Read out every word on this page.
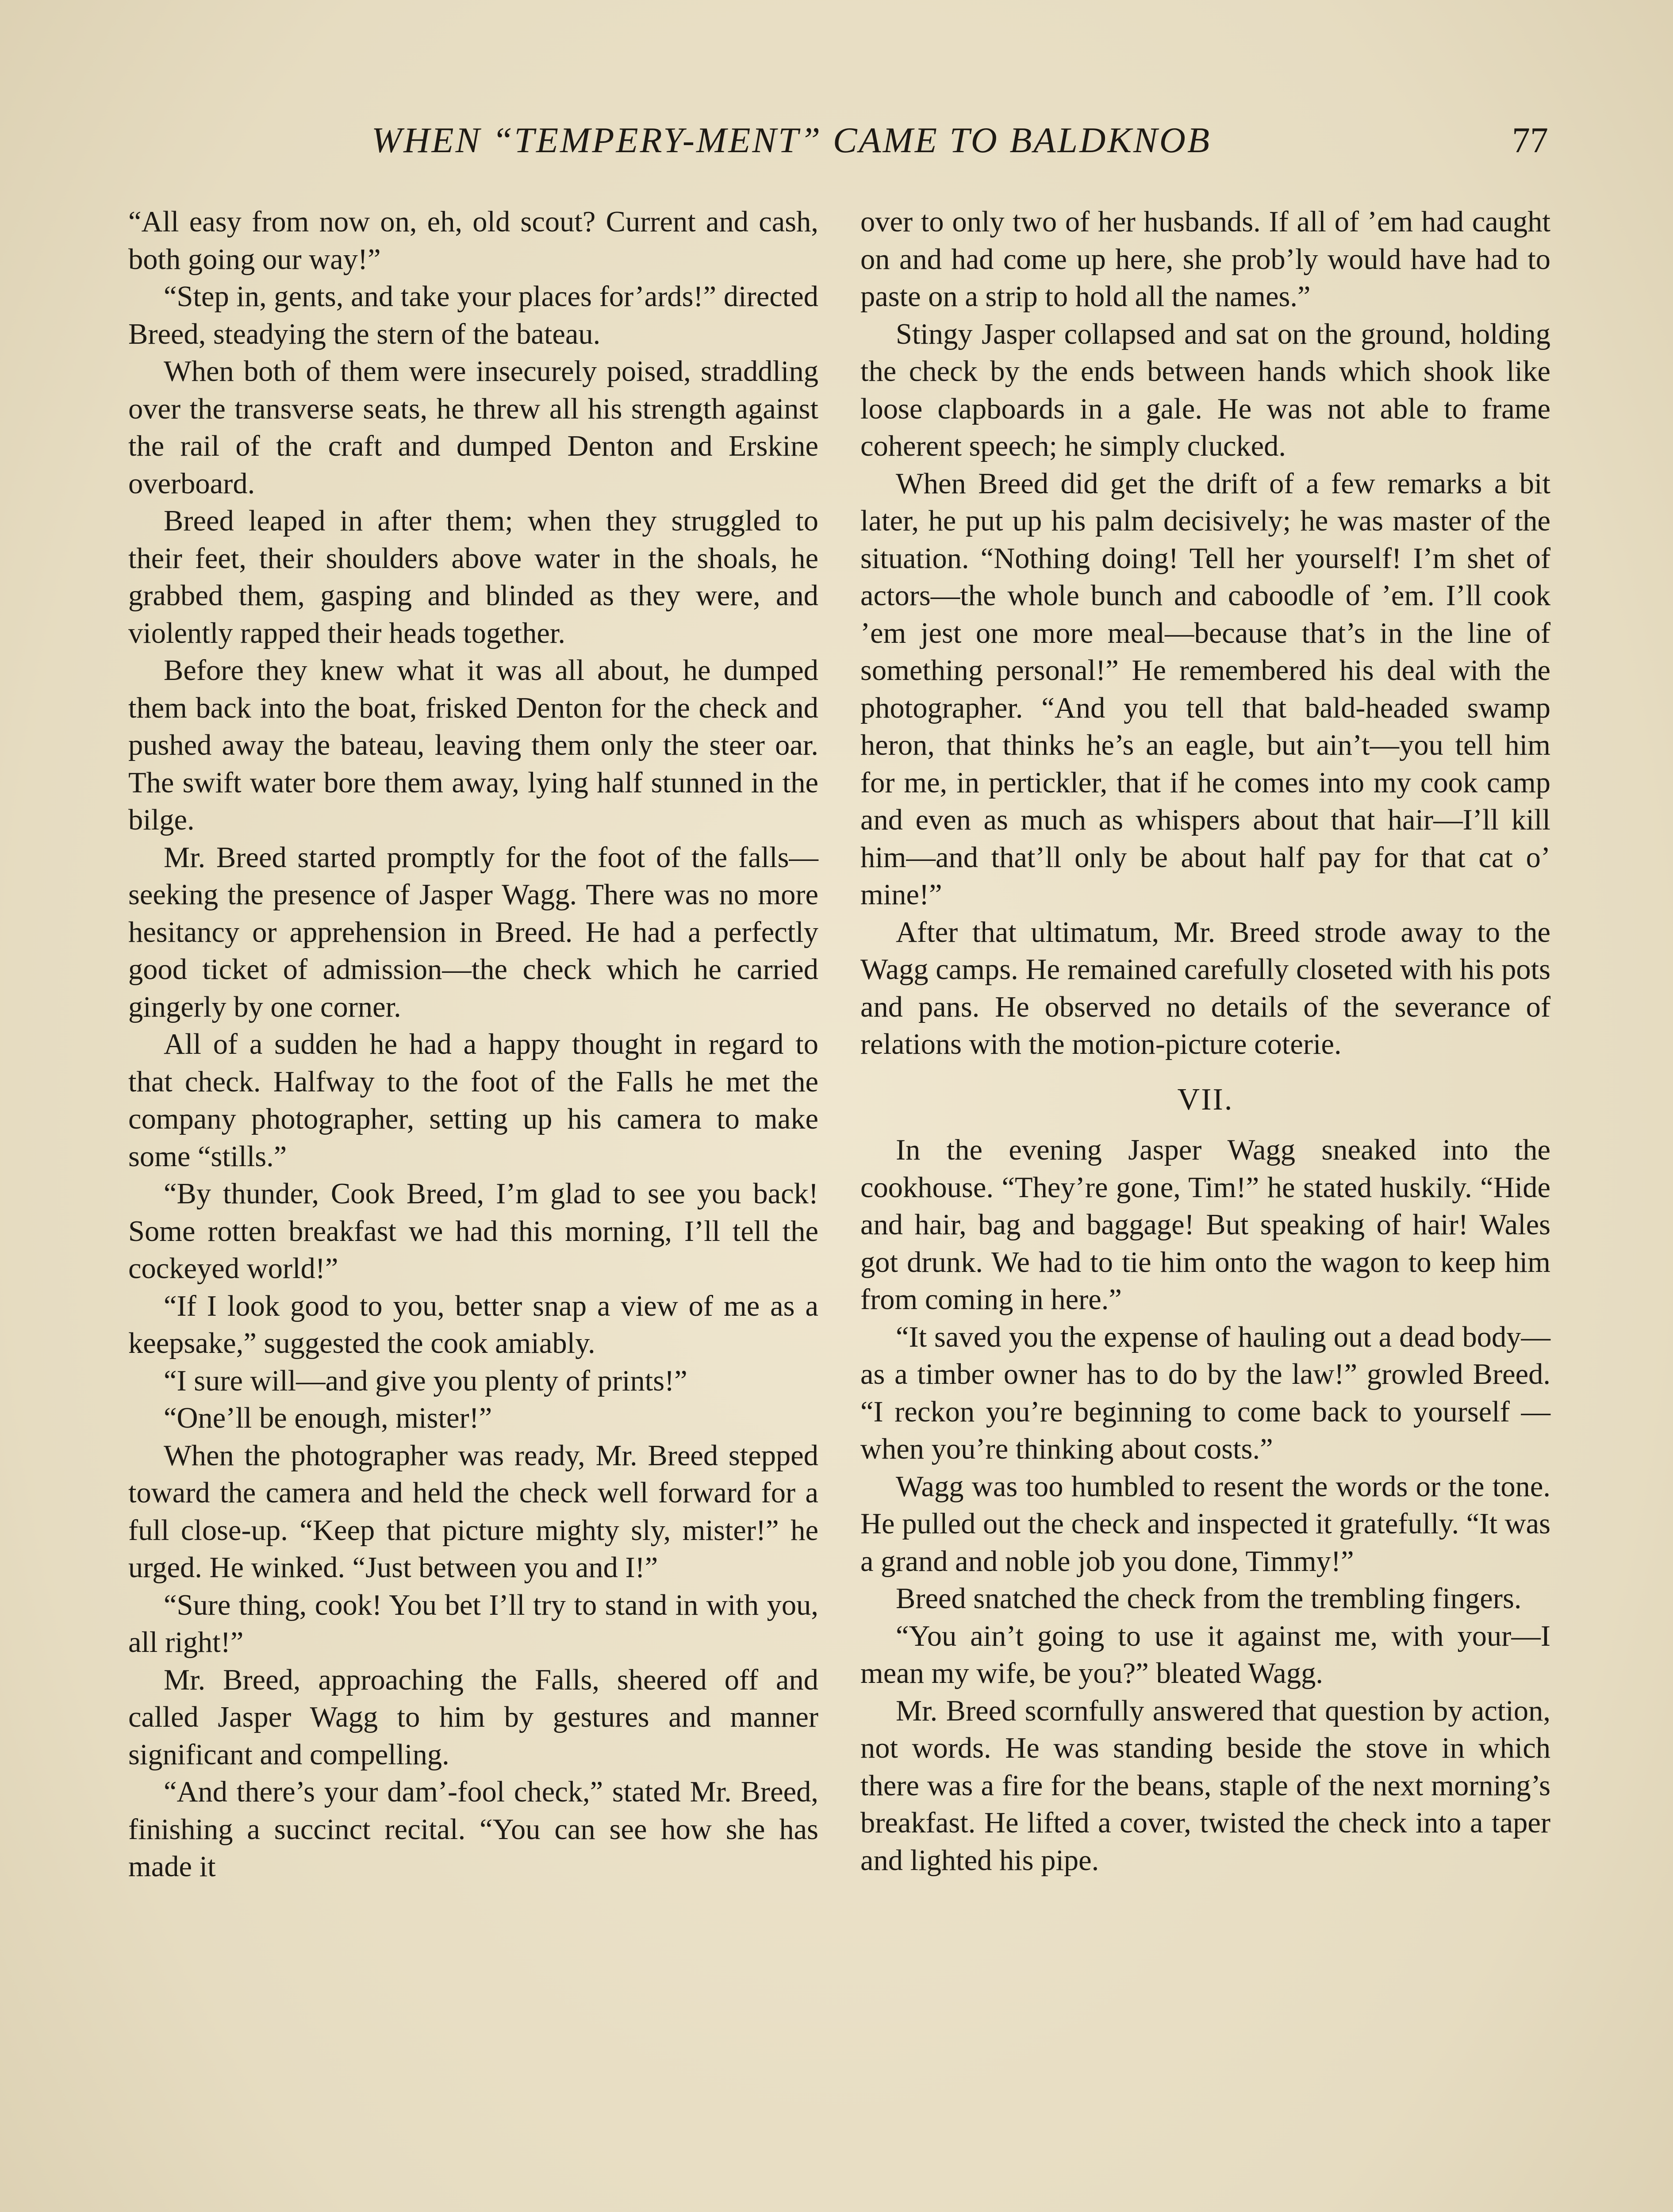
WHEN “TEMPERY-MENT” CAME TO BALDKNOB	77

“All easy from now on, eh, old scout? Current and cash, both going our way!”

“Step in, gents, and take your places for’ards!” directed Breed, steadying the stern of the bateau.

When both of them were insecurely poised, straddling over the transverse seats, he threw all his strength against the rail of the craft and dumped Denton and Erskine overboard.

Breed leaped in after them; when they struggled to their feet, their shoulders above water in the shoals, he grabbed them, gasping and blinded as they were, and violently rapped their heads together.

Before they knew what it was all about, he dumped them back into the boat, frisked Denton for the check and pushed away the bateau, leaving them only the steer oar. The swift water bore them away, lying half stunned in the bilge.

Mr. Breed started promptly for the foot of the falls—seeking the presence of Jasper Wagg. There was no more hesitancy or apprehension in Breed. He had a perfectly good ticket of admission—the check which he carried gingerly by one corner.

All of a sudden he had a happy thought in regard to that check. Halfway to the foot of the Falls he met the company photographer, setting up his camera to make some “stills.”

“By thunder, Cook Breed, I’m glad to see you back! Some rotten breakfast we had this morning, I’ll tell the cockeyed world!”

“If I look good to you, better snap a view of me as a keepsake,” suggested the cook amiably.

“I sure will—and give you plenty of prints!”

“One’ll be enough, mister!”

When the photographer was ready, Mr. Breed stepped toward the camera and held the check well forward for a full close-up. “Keep that picture mighty sly, mister!” he urged. He winked. “Just between you and I!”

“Sure thing, cook! You bet I’ll try to stand in with you, all right!”

Mr. Breed, approaching the Falls, sheered off and called Jasper Wagg to him by gestures and manner significant and compelling.

“And there’s your dam’-fool check,” stated Mr. Breed, finishing a succinct recital. “You can see how she has made it

over to only two of her husbands. If all of ’em had caught on and had come up here, she prob’ly would have had to paste on a strip to hold all the names.”

Stingy Jasper collapsed and sat on the ground, holding the check by the ends between hands which shook like loose clapboards in a gale. He was not able to frame coherent speech; he simply clucked.

When Breed did get the drift of a few remarks a bit later, he put up his palm decisively; he was master of the situation. “Nothing doing! Tell her yourself! I’m shet of actors—the whole bunch and caboodle of ’em. I’ll cook ’em jest one more meal—because that’s in the line of something personal!” He remembered his deal with the photographer. “And you tell that bald-headed swamp heron, that thinks he’s an eagle, but ain’t—you tell him for me, in pertickler, that if he comes into my cook camp and even as much as whispers about that hair—I’ll kill him—and that’ll only be about half pay for that cat o’ mine!”

After that ultimatum, Mr. Breed strode away to the Wagg camps. He remained carefully closeted with his pots and pans. He observed no details of the severance of relations with the motion-picture coterie.

VII.

In the evening Jasper Wagg sneaked into the cookhouse. “They’re gone, Tim!” he stated huskily. “Hide and hair, bag and baggage! But speaking of hair! Wales got drunk. We had to tie him onto the wagon to keep him from coming in here.”

“It saved you the expense of hauling out a dead body—as a timber owner has to do by the law!” growled Breed. “I reckon you’re beginning to come back to yourself —when you’re thinking about costs.”

Wagg was too humbled to resent the words or the tone. He pulled out the check and inspected it gratefully. “It was a grand and noble job you done, Timmy!”

Breed snatched the check from the trembling fingers.

“You ain’t going to use it against me, with your—I mean my wife, be you?” bleated Wagg.

Mr. Breed scornfully answered that question by action, not words. He was standing beside the stove in which there was a fire for the beans, staple of the next morning’s breakfast. He lifted a cover, twisted the check into a taper and lighted his pipe.
